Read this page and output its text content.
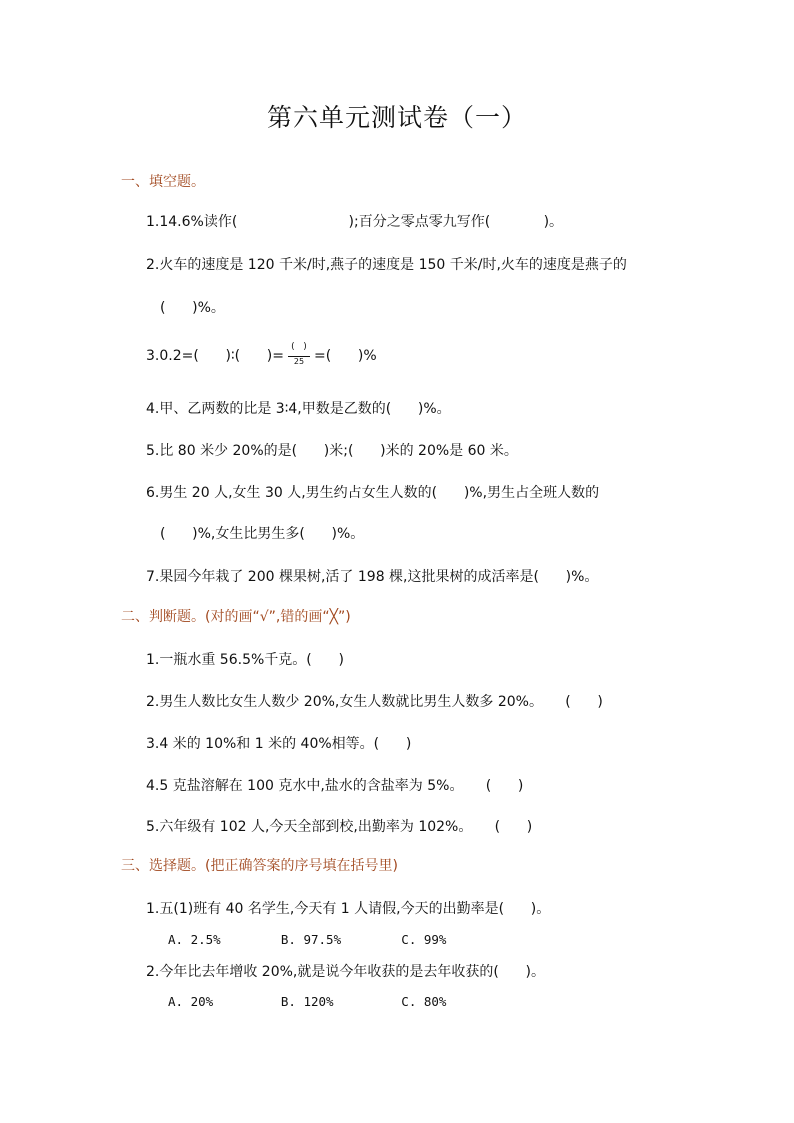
第六单元测试卷（一）
一、填空题。
1.14.6%读作(                         );百分之零点零九写作(            )。
2.火车的速度是 120 千米/时,燕子的速度是 150 千米/时,火车的速度是燕子的
(      )%。
3.0.2=(      )∶(      )= $\frac{( )}{25}$ =(      )%
4.甲、乙两数的比是 3∶4,甲数是乙数的(      )%。
5.比 80 米少 20%的是(      )米;(      )米的 20%是 60 米。
6.男生 20 人,女生 30 人,男生约占女生人数的(      )%,男生占全班人数的
(      )%,女生比男生多(      )%。
7.果园今年栽了 200 棵果树,活了 198 棵,这批果树的成活率是(      )%。
二、判断题。(对的画“√”,错的画“╳”)
1.一瓶水重 56.5%千克。(      )
2.男生人数比女生人数少 20%,女生人数就比男生人数多 20%。     (      )
3.4 米的 10%和 1 米的 40%相等。(      )
4.5 克盐溶解在 100 克水中,盐水的含盐率为 5%。     (      )
5.六年级有 102 人,今天全部到校,出勤率为 102%。     (      )
三、选择题。(把正确答案的序号填在括号里)
1.五(1)班有 40 名学生,今天有 1 人请假,今天的出勤率是(      )。
A. 2.5%        B. 97.5%        C. 99%
2.今年比去年增收 20%,就是说今年收获的是去年收获的(      )。
A. 20%         B. 120%         C. 80%
